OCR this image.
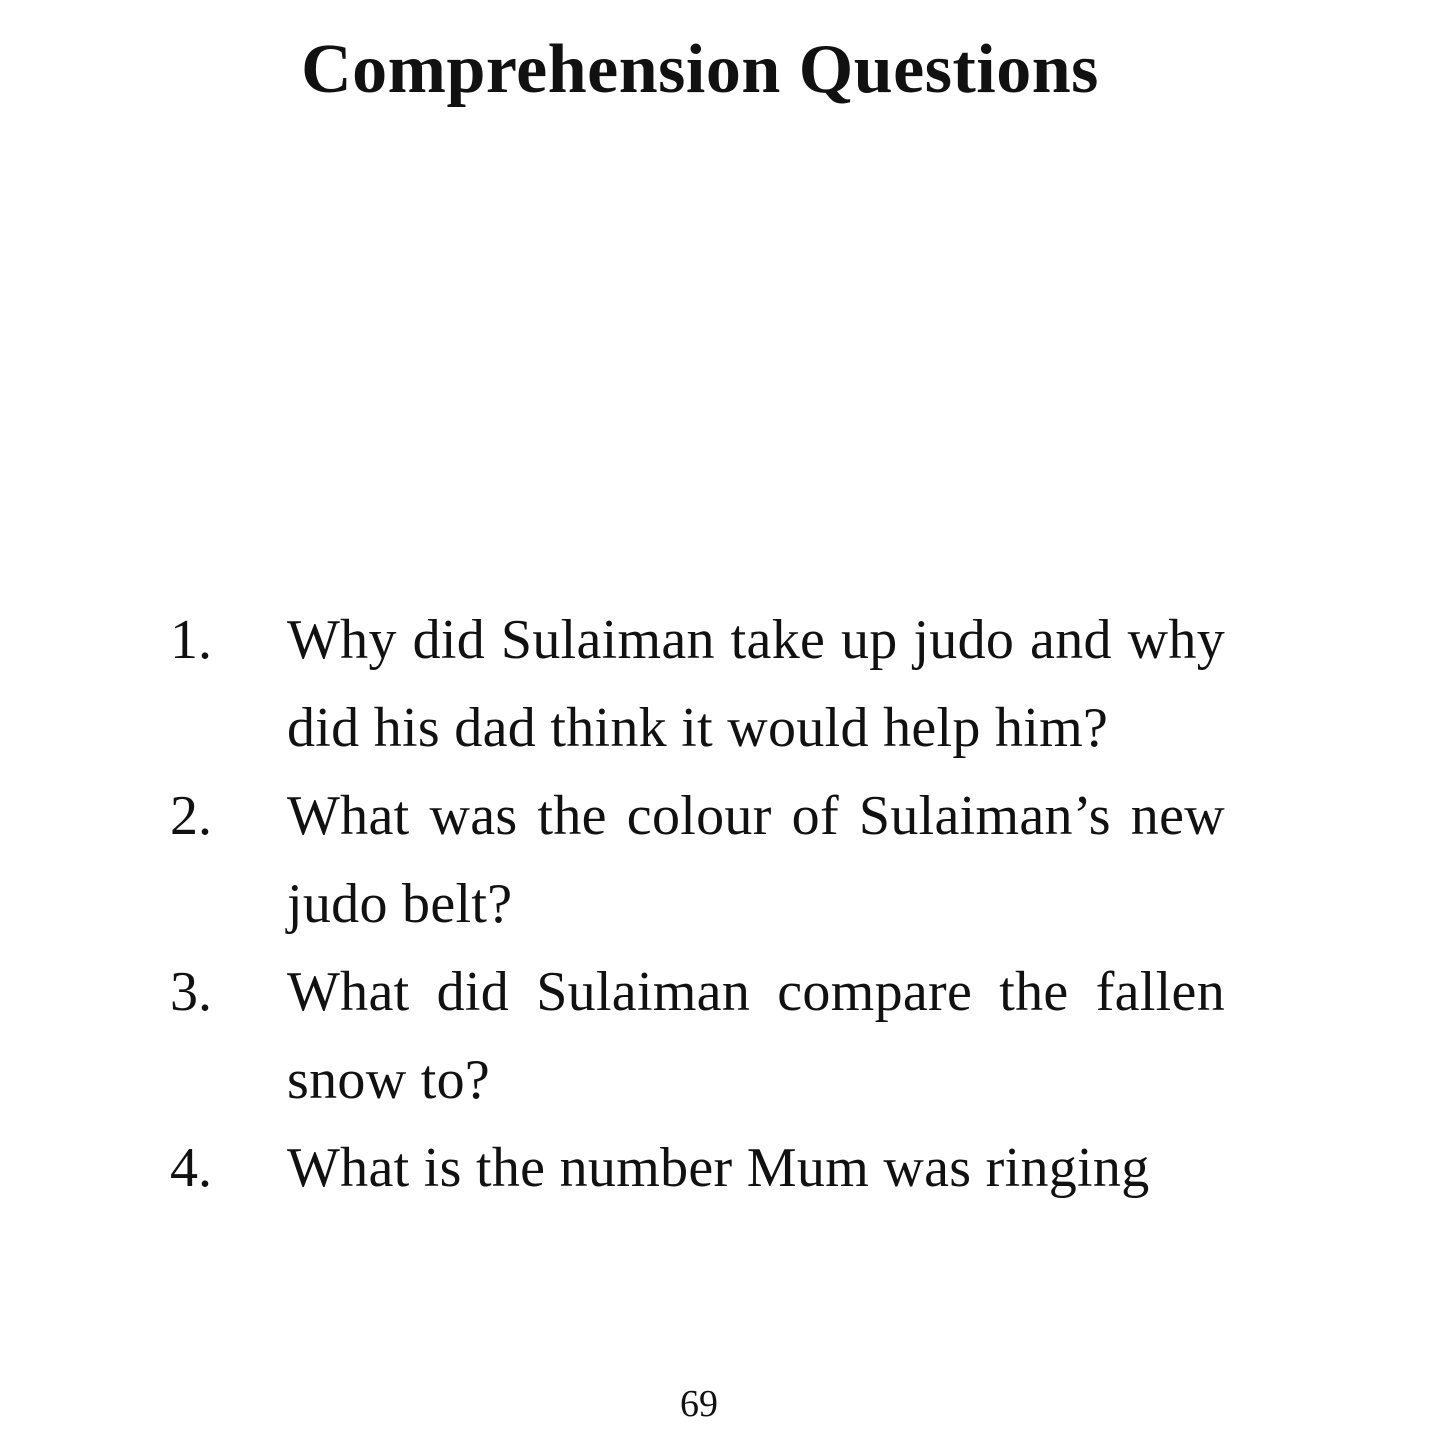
Comprehension Questions
1.	Why did Sulaiman take up judo and why did his dad think it would help him?
2.	What was the colour of Sulaiman’s new judo belt?
3.	What did Sulaiman compare the fallen snow to?
4.	What is the number Mum was ringing
69
